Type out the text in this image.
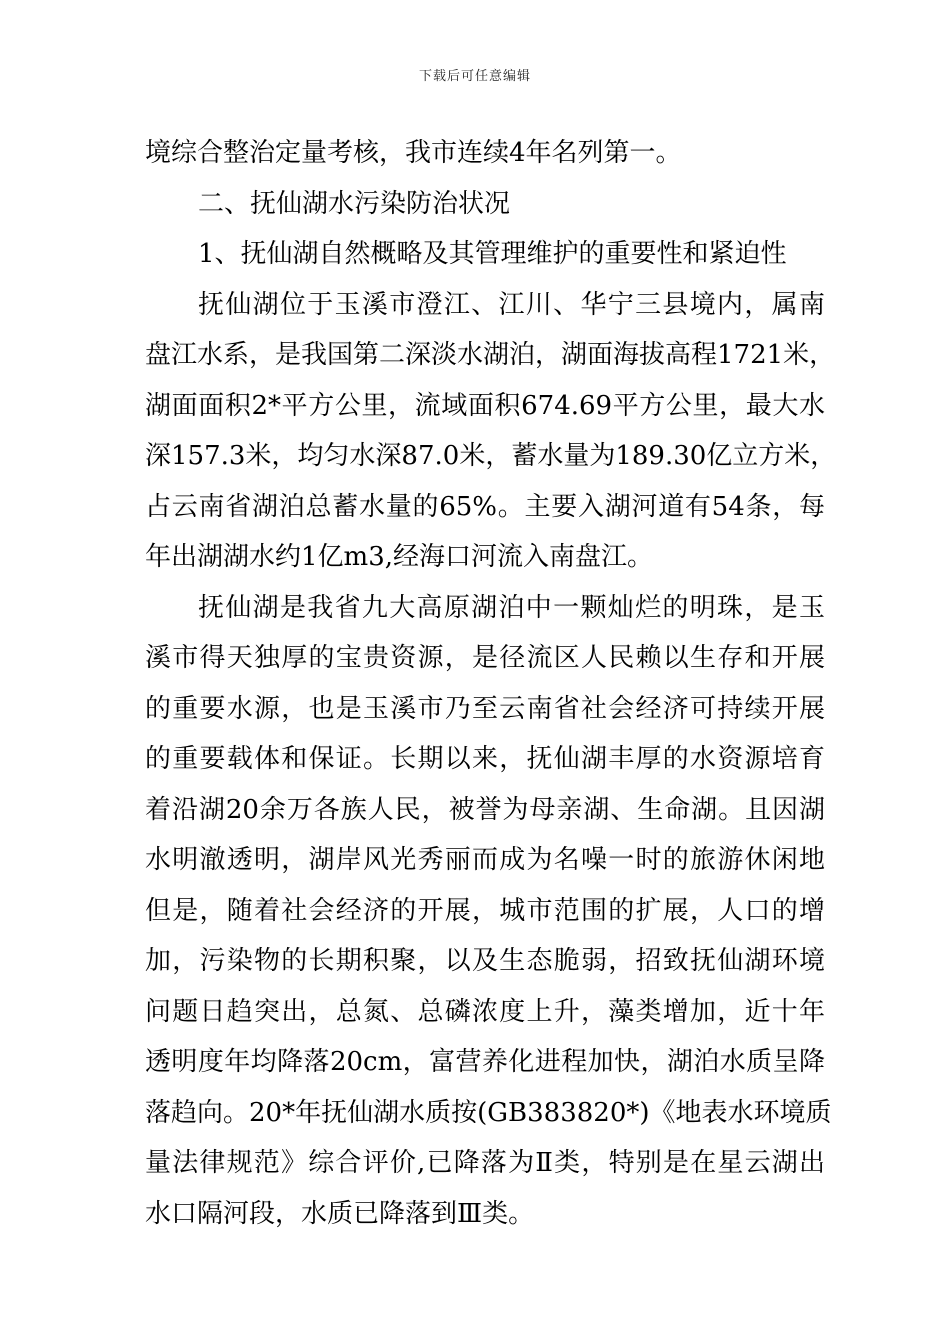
下载后可任意编辑
境综合整治定量考核，我市连续4年名列第一。
二、抚仙湖水污染防治状况
1、抚仙湖自然概略及其管理维护的重要性和紧迫性
抚仙湖位于玉溪市澄江、江川、华宁三县境内，属南
盘江水系，是我国第二深淡水湖泊，湖面海拔高程1721米，
湖面面积2*平方公里，流域面积674.69平方公里，最大水
深157.3米，均匀水深87.0米，蓄水量为189.30亿立方米，
占云南省湖泊总蓄水量的65%。主要入湖河道有54条，每
年出湖湖水约1亿m3,经海口河流入南盘江。
抚仙湖是我省九大高原湖泊中一颗灿烂的明珠，是玉
溪市得天独厚的宝贵资源，是径流区人民赖以生存和开展
的重要水源，也是玉溪市乃至云南省社会经济可持续开展
的重要载体和保证。长期以来，抚仙湖丰厚的水资源培育
着沿湖20余万各族人民，被誉为母亲湖、生命湖。且因湖
水明澈透明，湖岸风光秀丽而成为名噪一时的旅游休闲地
但是，随着社会经济的开展，城市范围的扩展，人口的增
加，污染物的长期积聚，以及生态脆弱，招致抚仙湖环境
问题日趋突出，总氮、总磷浓度上升，藻类增加，近十年
透明度年均降落20cm，富营养化进程加快，湖泊水质呈降
落趋向。20*年抚仙湖水质按(GB383820*)《地表水环境质
量法律规范》综合评价,已降落为Ⅱ类，特别是在星云湖出
水口隔河段，水质已降落到Ⅲ类。
